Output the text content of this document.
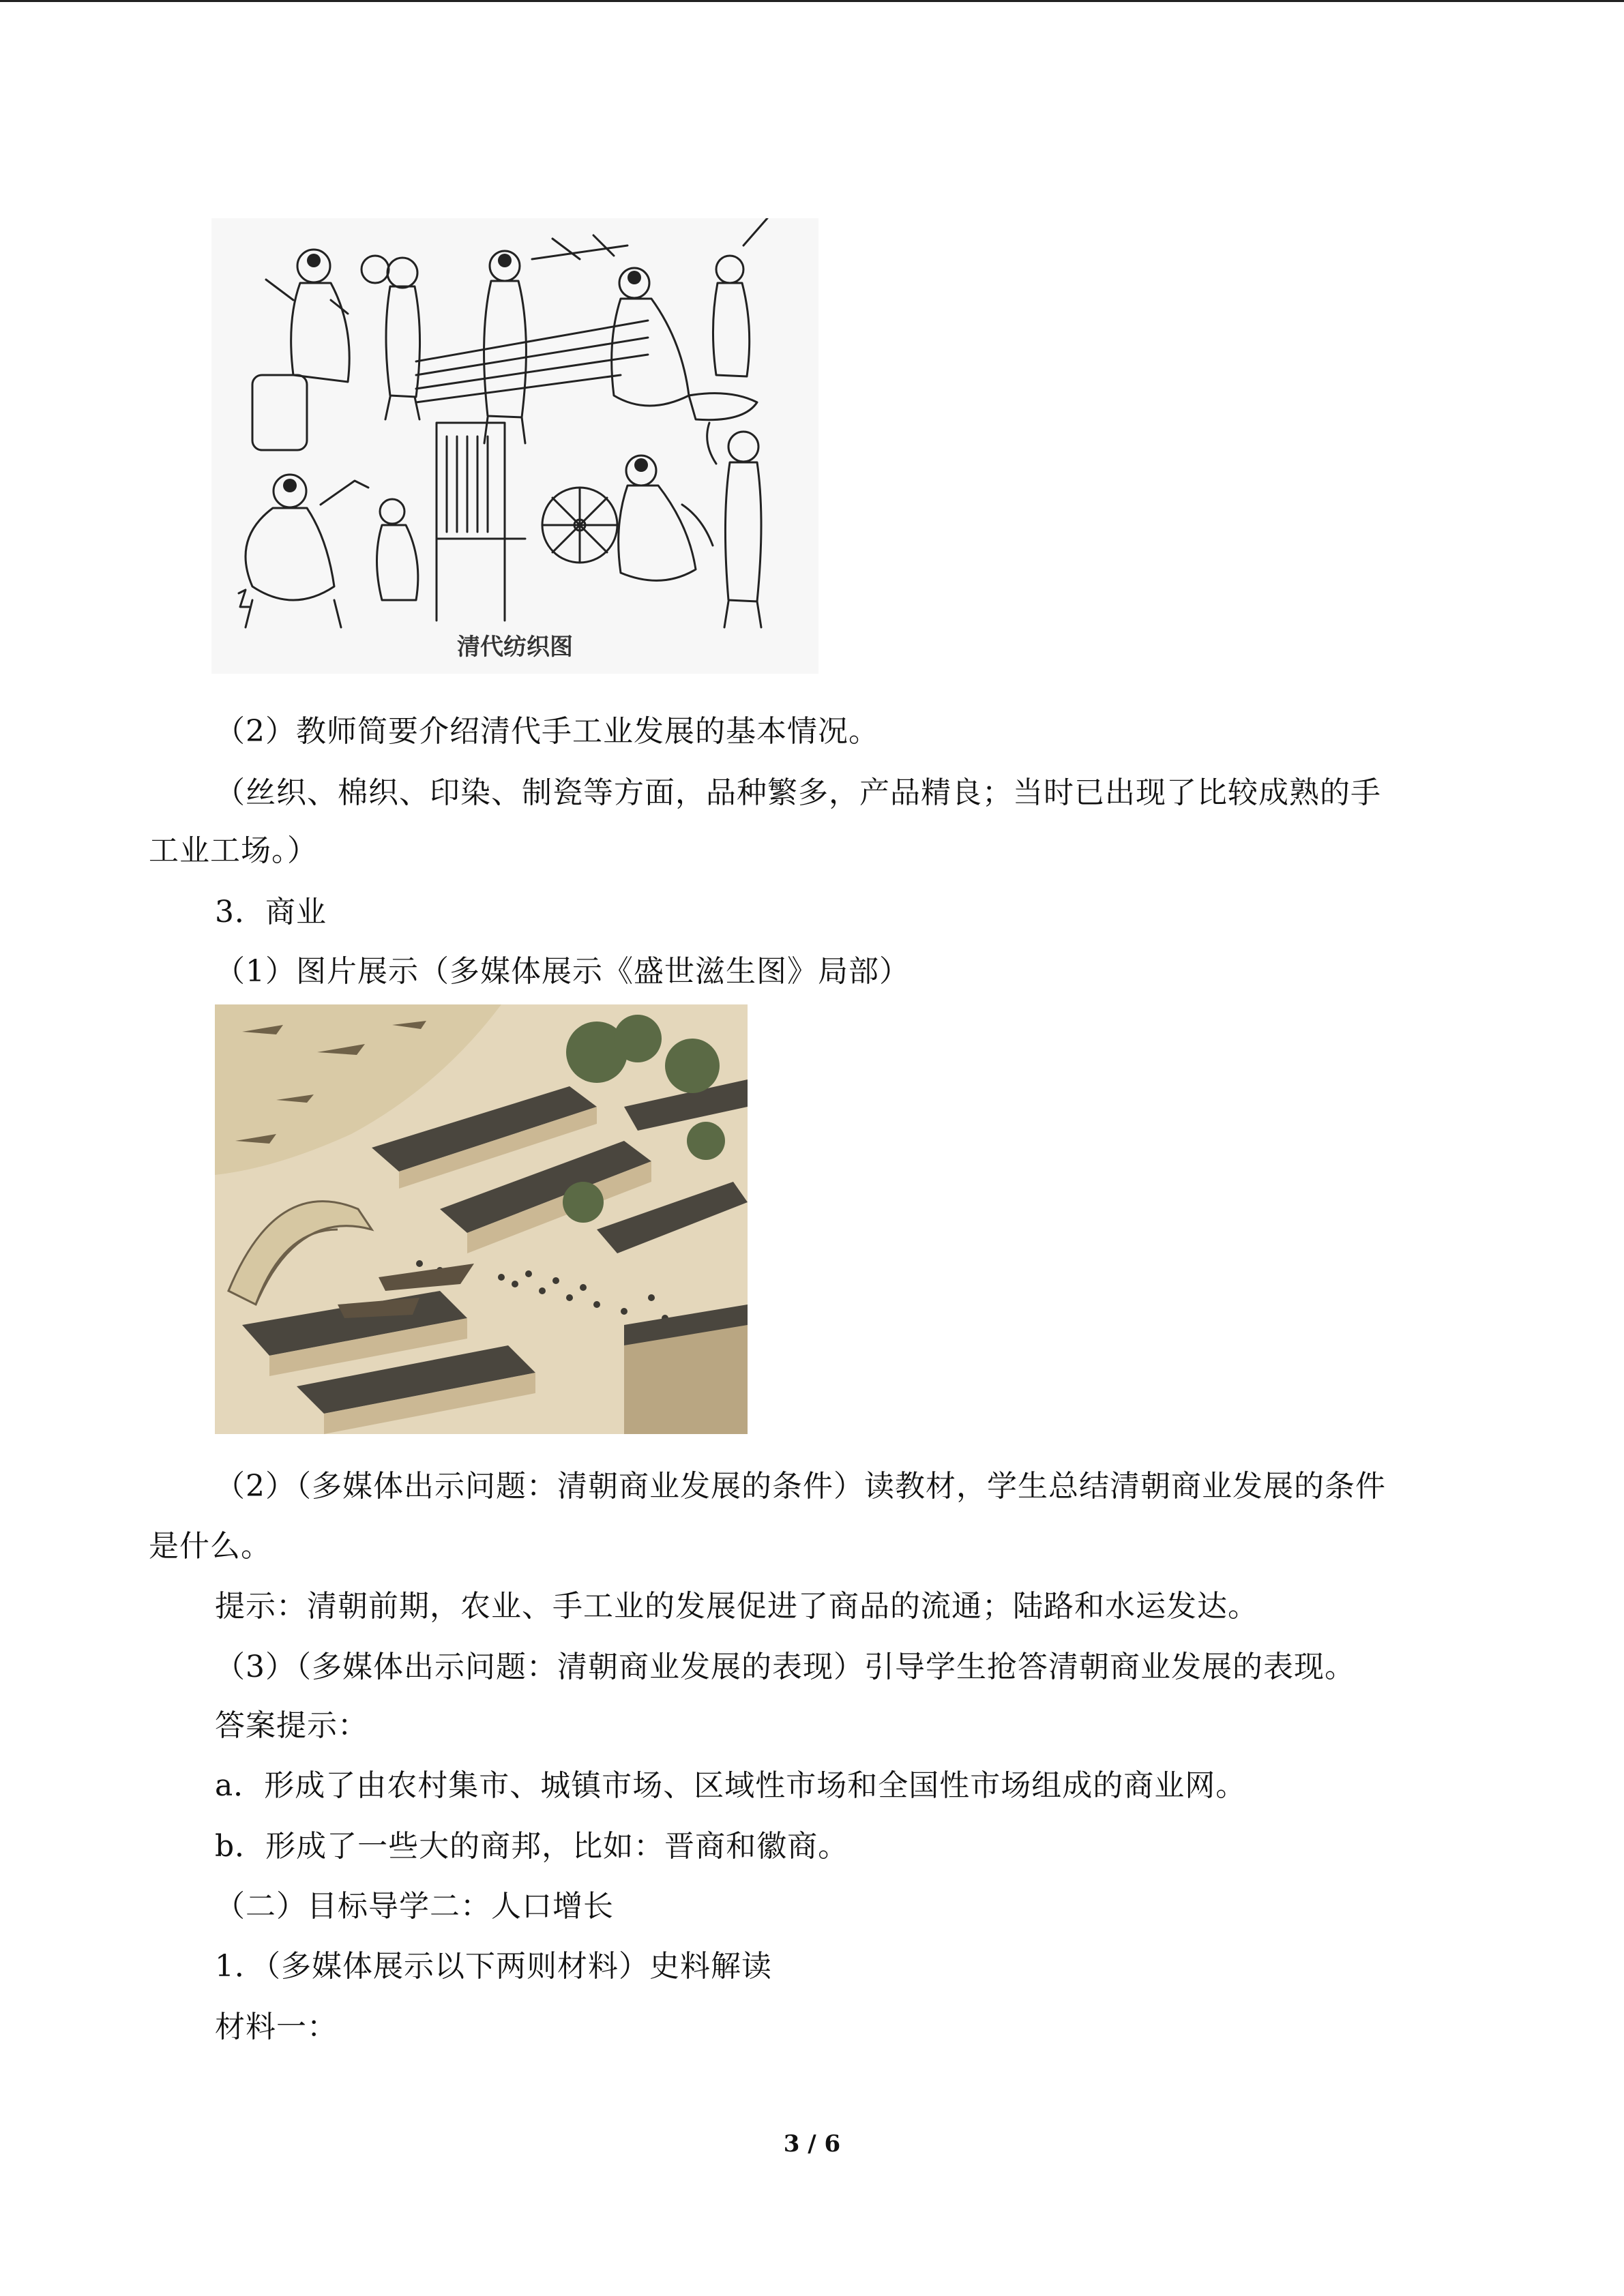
清代纺织图
（2）教师简要介绍清代手工业发展的基本情况。
（丝织、棉织、印染、制瓷等方面，品种繁多，产品精良；当时已出现了比较成熟的手
工业工场。）
3．商业
（1）图片展示（多媒体展示《盛世滋生图》局部）
（2）（多媒体出示问题：清朝商业发展的条件）读教材，学生总结清朝商业发展的条件
是什么。
提示：清朝前期，农业、手工业的发展促进了商品的流通；陆路和水运发达。
（3）（多媒体出示问题：清朝商业发展的表现）引导学生抢答清朝商业发展的表现。
答案提示：
a．形成了由农村集市、城镇市场、区域性市场和全国性市场组成的商业网。
b．形成了一些大的商邦，比如：晋商和徽商。
（二）目标导学二：人口增长
1．（多媒体展示以下两则材料）史料解读
材料一：
3 / 6
